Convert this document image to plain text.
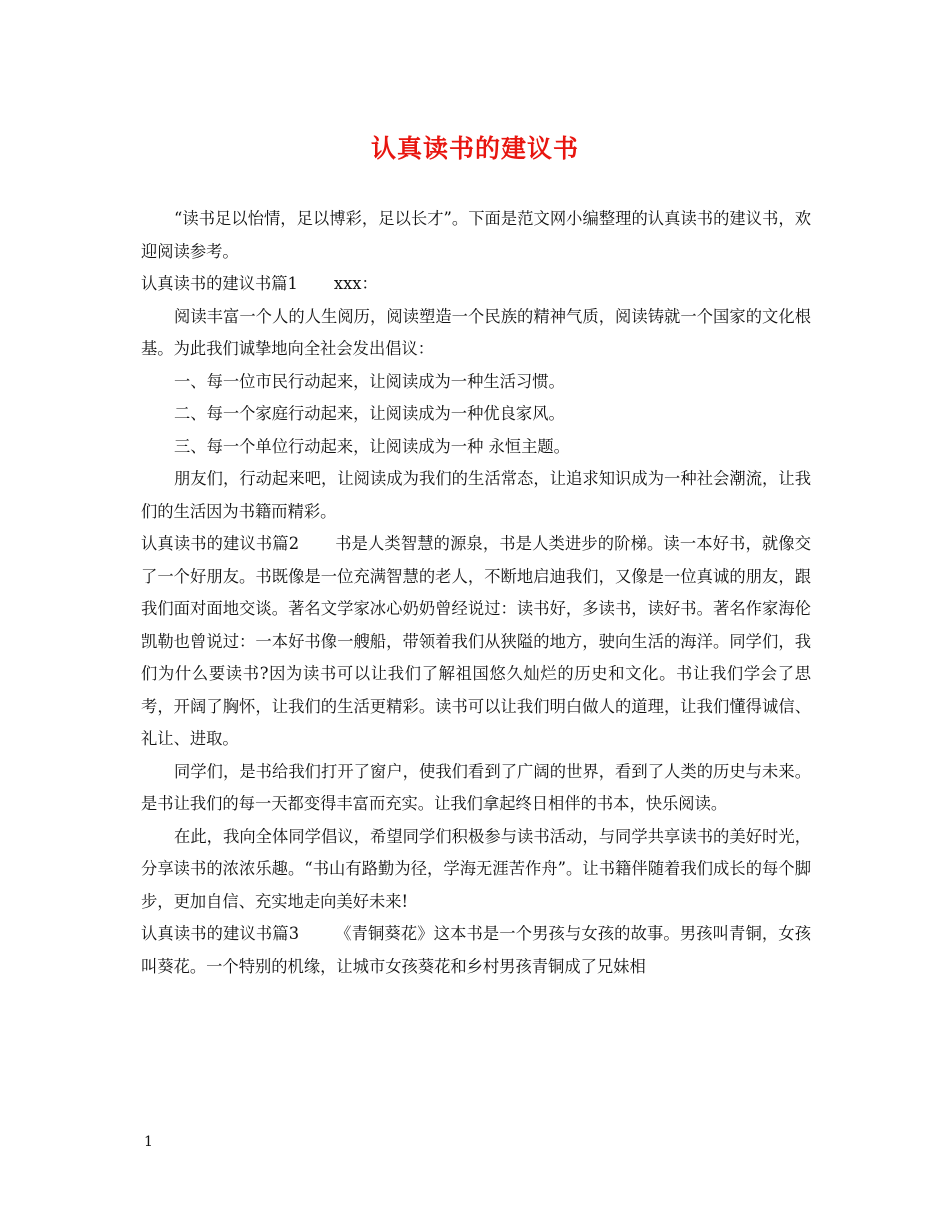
认真读书的建议书

“读书足以怡情，足以博彩，足以长才”。下面是范文网小编整理的认真读书的建议书，欢迎阅读参考。

认真读书的建议书篇1 xxx：

阅读丰富一个人的人生阅历，阅读塑造一个民族的精神气质，阅读铸就一个国家的文化根基。为此我们诚挚地向全社会发出倡议：

一、每一位市民行动起来，让阅读成为一种生活习惯。

二、每一个家庭行动起来，让阅读成为一种优良家风。

三、每一个单位行动起来，让阅读成为一种 永恒主题。

朋友们，行动起来吧，让阅读成为我们的生活常态，让追求知识成为一种社会潮流，让我们的生活因为书籍而精彩。

认真读书的建议书篇2 书是人类智慧的源泉，书是人类进步的阶梯。读一本好书，就像交了一个好朋友。书既像是一位充满智慧的老人，不断地启迪我们，又像是一位真诚的朋友，跟我们面对面地交谈。著名文学家冰心奶奶曾经说过：读书好，多读书，读好书。著名作家海伦凯勒也曾说过：一本好书像一艘船，带领着我们从狭隘的地方，驶向生活的海洋。同学们，我们为什么要读书?因为读书可以让我们了解祖国悠久灿烂的历史和文化。书让我们学会了思考，开阔了胸怀，让我们的生活更精彩。读书可以让我们明白做人的道理，让我们懂得诚信、礼让、进取。

同学们，是书给我们打开了窗户，使我们看到了广阔的世界，看到了人类的历史与未来。是书让我们的每一天都变得丰富而充实。让我们拿起终日相伴的书本，快乐阅读。

在此，我向全体同学倡议，希望同学们积极参与读书活动，与同学共享读书的美好时光，分享读书的浓浓乐趣。“书山有路勤为径，学海无涯苦作舟”。让书籍伴随着我们成长的每个脚步，更加自信、充实地走向美好未来!

认真读书的建议书篇3 《青铜葵花》这本书是一个男孩与女孩的故事。男孩叫青铜，女孩叫葵花。一个特别的机缘，让城市女孩葵花和乡村男孩青铜成了兄妹相

1
